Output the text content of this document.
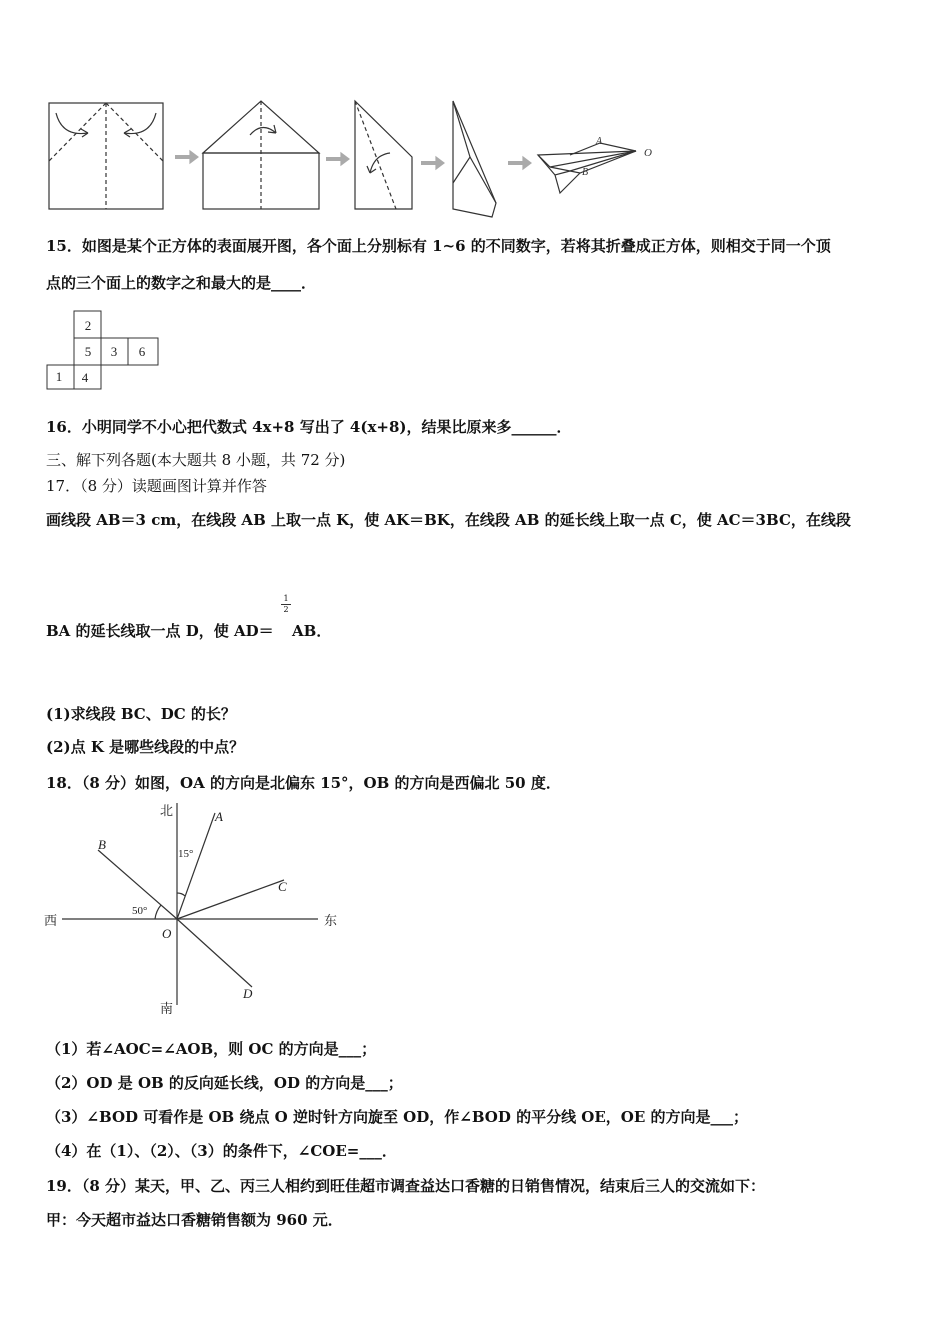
A
O
B
15．如图是某个正方体的表面展开图，各个面上分别标有 1~6 的不同数字，若将其折叠成正方体，则相交于同一个顶
点的三个面上的数字之和最大的是____．
2
5 3 6
1 4
16．小明同学不小心把代数式 4x+8 写出了 4(x+8)，结果比原来多______．
三、解下列各题(本大题共 8 小题，共 72 分)
17．（8 分）读题画图计算并作答
画线段 AB＝3 cm，在线段 AB 上取一点 K，使 AK＝BK，在线段 AB 的延长线上取一点 C，使 AC＝3BC，在线段
BA 的延长线取一点 D，使 AD＝
$\frac{1}{2}$
AB．
(1)求线段 BC、DC 的长？
(2)点 K 是哪些线段的中点？
18．（8 分）如图，OA 的方向是北偏东 15°，OB 的方向是西偏北 50 度．
北
南
西	东
A
B
C
D
O
15°
50°
（1）若∠AOC=∠AOB，则 OC 的方向是___；
（2）OD 是 OB 的反向延长线，OD 的方向是___；
（3）∠BOD 可看作是 OB 绕点 O 逆时针方向旋至 OD，作∠BOD 的平分线 OE，OE 的方向是___；
（4）在（1）、（2）、（3）的条件下，∠COE=___．
19．（8 分）某天，甲、乙、丙三人相约到旺佳超市调查益达口香糖的日销售情况，结束后三人的交流如下：
甲：今天超市益达口香糖销售额为 960 元．
